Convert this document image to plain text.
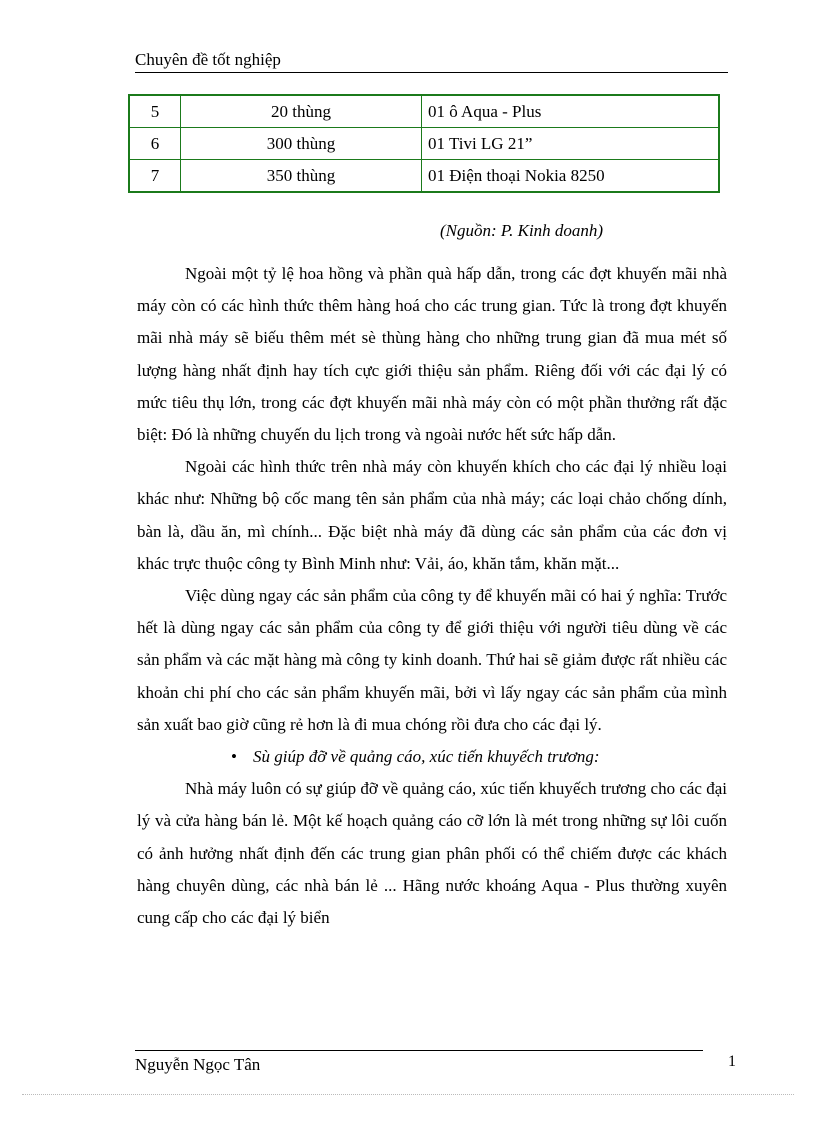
Chuyên đề tốt nghiệp
5	20 thùng	01 ô Aqua - Plus
6	300 thùng	01 Tivi LG 21”
7	350 thùng	01 Điện thoại Nokia 8250
(Nguồn: P. Kinh doanh)

Ngoài một tỷ lệ hoa hồng và phần quà hấp dẫn, trong các đợt khuyến mãi nhà máy còn có các hình thức thêm hàng hoá cho các trung gian. Tức là trong đợt khuyến mãi nhà máy sẽ biếu thêm mét sè thùng hàng cho những trung gian đã mua mét số lượng hàng nhất định hay tích cực giới thiệu sản phẩm. Riêng đối với các đại lý có mức tiêu thụ lớn, trong các đợt khuyến mãi nhà máy còn có một phần thưởng rất đặc biệt: Đó là những chuyến du lịch trong và ngoài nước hết sức hấp dẫn.

Ngoài các hình thức trên nhà máy còn khuyến khích cho các đại lý nhiều loại khác như: Những bộ cốc mang tên sản phẩm của nhà máy; các loại chảo chống dính, bàn là, dầu ăn, mì chính... Đặc biệt nhà máy đã dùng các sản phẩm của các đơn vị khác trực thuộc công ty Bình Minh như: Vải, áo, khăn tắm, khăn mặt...

Việc dùng ngay các sản phẩm của công ty để khuyến mãi có hai ý nghĩa: Trước hết là dùng ngay các sản phẩm của công ty để giới thiệu với người tiêu dùng về các sản phẩm và các mặt hàng mà công ty kinh doanh. Thứ hai sẽ giảm được rất nhiều các khoản chi phí cho các sản phẩm khuyến mãi, bởi vì lấy ngay các sản phẩm của mình sản xuất bao giờ cũng rẻ hơn là đi mua chóng rồi đưa cho các đại lý.

• Sù giúp đỡ về quảng cáo, xúc tiến khuyếch trương:

Nhà máy luôn có sự giúp đỡ về quảng cáo, xúc tiến khuyếch trương cho các đại lý và cửa hàng bán lẻ. Một kế hoạch quảng cáo cỡ lớn là mét trong những sự lôi cuốn có ảnh hưởng nhất định đến các trung gian phân phối có thể chiếm được các khách hàng chuyên dùng, các nhà bán lẻ ... Hãng nước khoáng Aqua - Plus thường xuyên cung cấp cho các đại lý biển

Nguyễn Ngọc Tân	1
